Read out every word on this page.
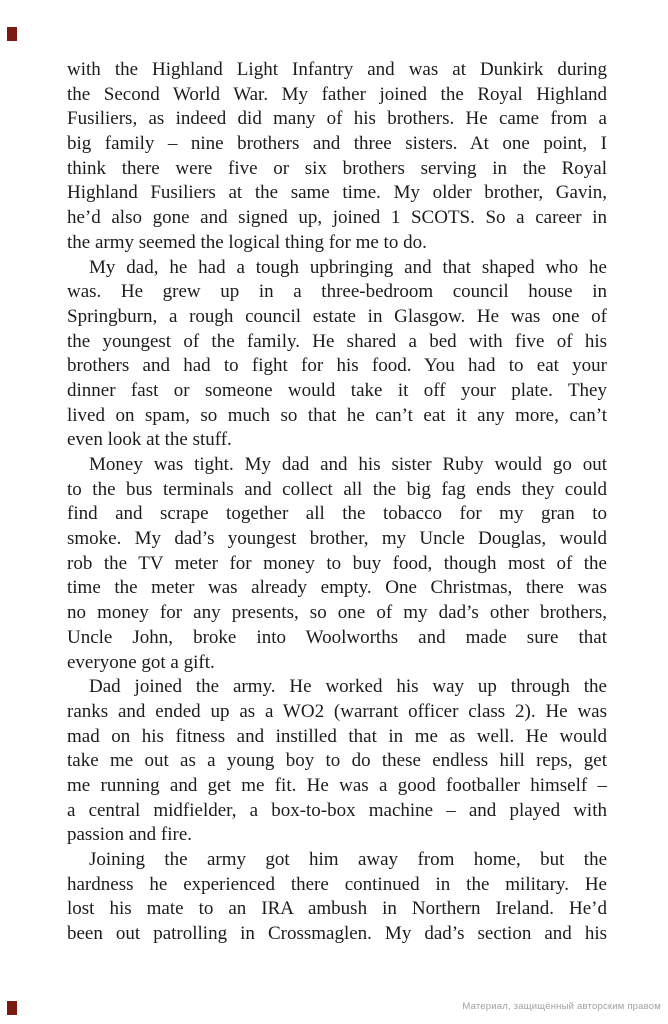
with the Highland Light Infantry and was at Dunkirk during
the Second World War. My father joined the Royal Highland
Fusiliers, as indeed did many of his brothers. He came from a
big family – nine brothers and three sisters. At one point, I
think there were five or six brothers serving in the Royal
Highland Fusiliers at the same time. My older brother, Gavin,
he’d also gone and signed up, joined 1 SCOTS. So a career in
the army seemed the logical thing for me to do.
My dad, he had a tough upbringing and that shaped who he
was. He grew up in a three-bedroom council house in
Springburn, a rough council estate in Glasgow. He was one of
the youngest of the family. He shared a bed with five of his
brothers and had to fight for his food. You had to eat your
dinner fast or someone would take it off your plate. They
lived on spam, so much so that he can’t eat it any more, can’t
even look at the stuff.
Money was tight. My dad and his sister Ruby would go out
to the bus terminals and collect all the big fag ends they could
find and scrape together all the tobacco for my gran to
smoke. My dad’s youngest brother, my Uncle Douglas, would
rob the TV meter for money to buy food, though most of the
time the meter was already empty. One Christmas, there was
no money for any presents, so one of my dad’s other brothers,
Uncle John, broke into Woolworths and made sure that
everyone got a gift.
Dad joined the army. He worked his way up through the
ranks and ended up as a WO2 (warrant officer class 2). He was
mad on his fitness and instilled that in me as well. He would
take me out as a young boy to do these endless hill reps, get
me running and get me fit. He was a good footballer himself –
a central midfielder, a box-to-box machine – and played with
passion and fire.
Joining the army got him away from home, but the
hardness he experienced there continued in the military. He
lost his mate to an IRA ambush in Northern Ireland. He’d
been out patrolling in Crossmaglen. My dad’s section and his
Материал, защищённый авторским правом
